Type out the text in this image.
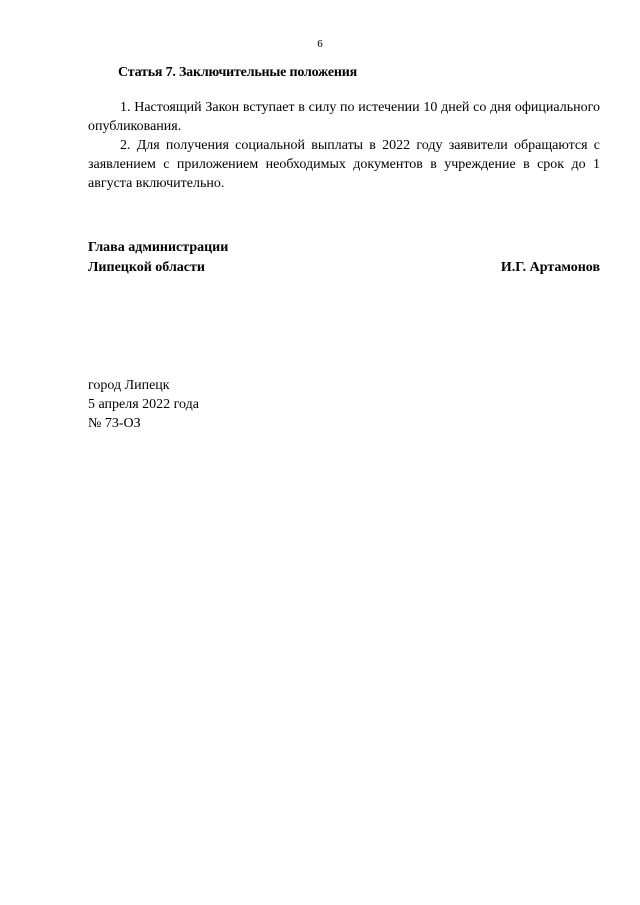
6
Статья 7. Заключительные положения

1. Настоящий Закон вступает в силу по истечении 10 дней со дня официального опубликования.

2. Для получения социальной выплаты в 2022 году заявители обращаются с заявлением с приложением необходимых документов в учреждение в срок до 1 августа включительно.

Глава администрации
Липецкой области	И.Г. Артамонов
город Липецк
5 апреля 2022 года
№ 73-ОЗ
